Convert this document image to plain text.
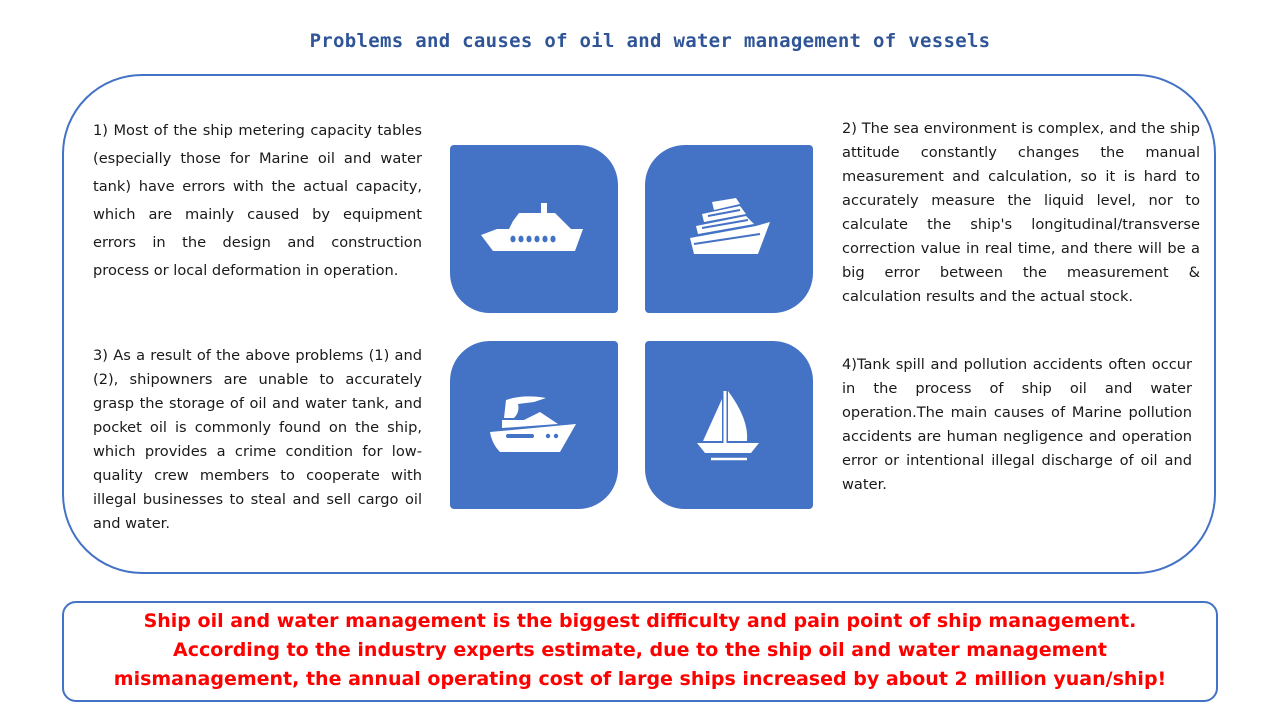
Problems and causes of oil and water management of vessels

1) Most of the ship metering capacity tables (especially those for Marine oil and water tank) have errors with the actual capacity, which are mainly caused by equipment errors in the design and construction process or local deformation in operation.

2) The sea environment is complex, and the ship attitude constantly changes the manual measurement and calculation, so it is hard to accurately measure the liquid level, nor to calculate the ship's longitudinal/transverse correction value in real time, and there will be a big error between the measurement & calculation results and the actual stock.

3) As a result of the above problems (1) and (2), shipowners are unable to accurately grasp the storage of oil and water tank, and pocket oil is commonly found on the ship, which provides a crime condition for low-quality crew members to cooperate with illegal businesses to steal and sell cargo oil and water.

4)Tank spill and pollution accidents often occur in the process of ship oil and water operation.The main causes of Marine pollution accidents are human negligence and operation error or intentional illegal discharge of oil and water.

Ship oil and water management is the biggest difficulty and pain point of ship management.
According to the industry experts estimate, due to the ship oil and water management
mismanagement, the annual operating cost of large ships increased by about 2 million yuan/ship!
